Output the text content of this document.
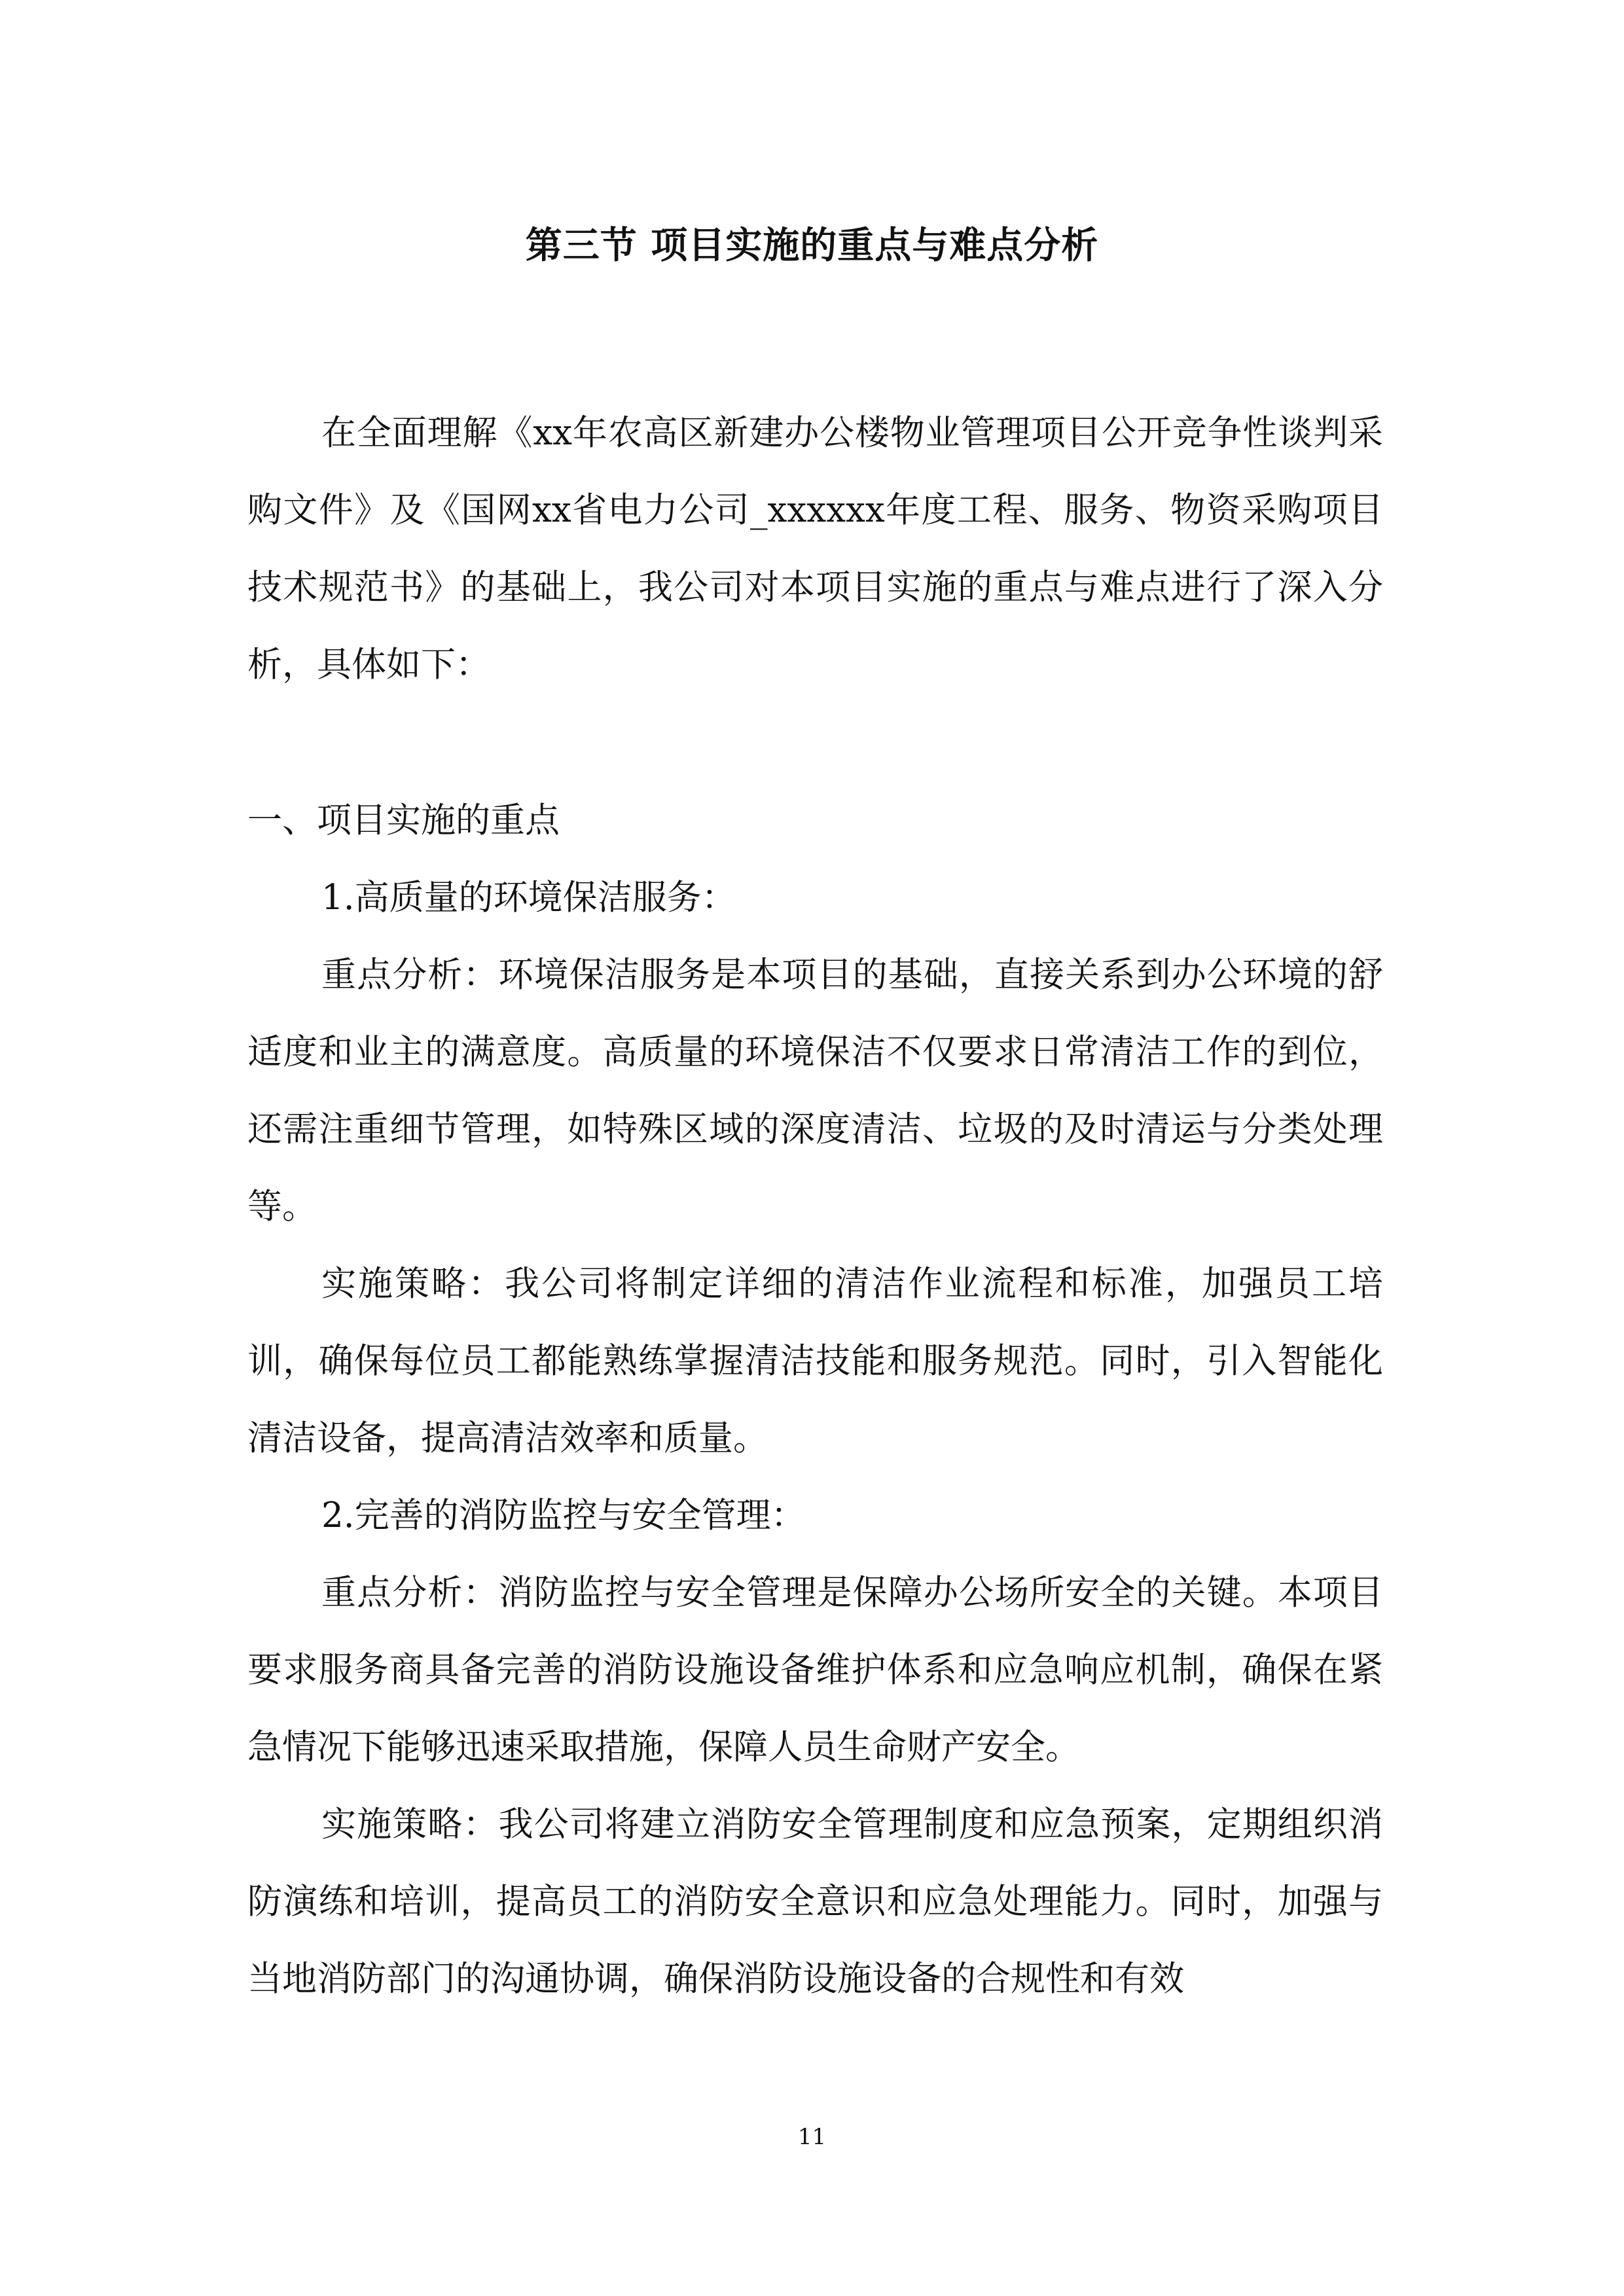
第三节 项目实施的重点与难点分析

在全面理解《xx年农高区新建办公楼物业管理项目公开竞争性谈判采购文件》及《国网xx省电力公司_xxxxxx年度工程、服务、物资采购项目技术规范书》的基础上，我公司对本项目实施的重点与难点进行了深入分析，具体如下：

一、项目实施的重点

1.高质量的环境保洁服务：

重点分析：环境保洁服务是本项目的基础，直接关系到办公环境的舒适度和业主的满意度。高质量的环境保洁不仅要求日常清洁工作的到位，还需注重细节管理，如特殊区域的深度清洁、垃圾的及时清运与分类处理等。

实施策略：我公司将制定详细的清洁作业流程和标准，加强员工培训，确保每位员工都能熟练掌握清洁技能和服务规范。同时，引入智能化清洁设备，提高清洁效率和质量。

2.完善的消防监控与安全管理：

重点分析：消防监控与安全管理是保障办公场所安全的关键。本项目要求服务商具备完善的消防设施设备维护体系和应急响应机制，确保在紧急情况下能够迅速采取措施，保障人员生命财产安全。

实施策略：我公司将建立消防安全管理制度和应急预案，定期组织消防演练和培训，提高员工的消防安全意识和应急处理能力。同时，加强与当地消防部门的沟通协调，确保消防设施设备的合规性和有效

11
